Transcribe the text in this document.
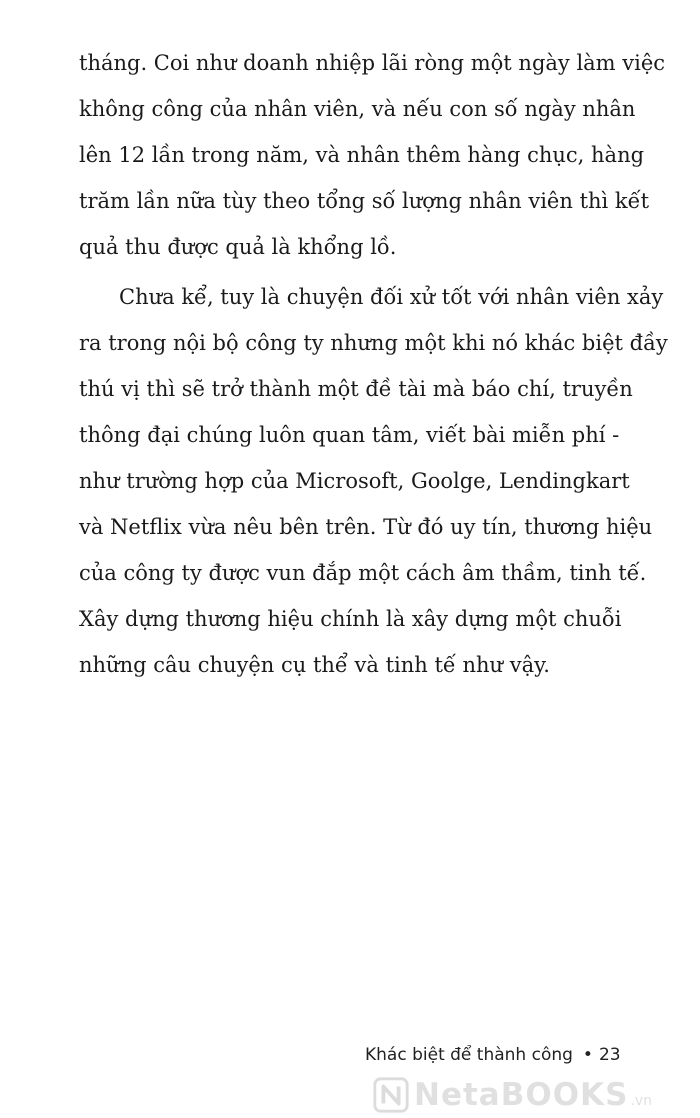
tháng. Coi như doanh nhiệp lãi ròng một ngày làm việc
không công của nhân viên, và nếu con số ngày nhân
lên 12 lần trong năm, và nhân thêm hàng chục, hàng
trăm lần nữa tùy theo tổng số lượng nhân viên thì kết
quả thu được quả là khổng lồ.

Chưa kể, tuy là chuyện đối xử tốt với nhân viên xảy
ra trong nội bộ công ty nhưng một khi nó khác biệt đầy
thú vị thì sẽ trở thành một đề tài mà báo chí, truyền
thông đại chúng luôn quan tâm, viết bài miễn phí -
như trường hợp của Microsoft, Goolge, Lendingkart
và Netflix vừa nêu bên trên. Từ đó uy tín, thương hiệu
của công ty được vun đắp một cách âm thầm, tinh tế.
Xây dựng thương hiệu chính là xây dựng một chuỗi
những câu chuyện cụ thể và tinh tế như vậy.

Khác biệt để thành công • 23
NetaBOOKS .vn
